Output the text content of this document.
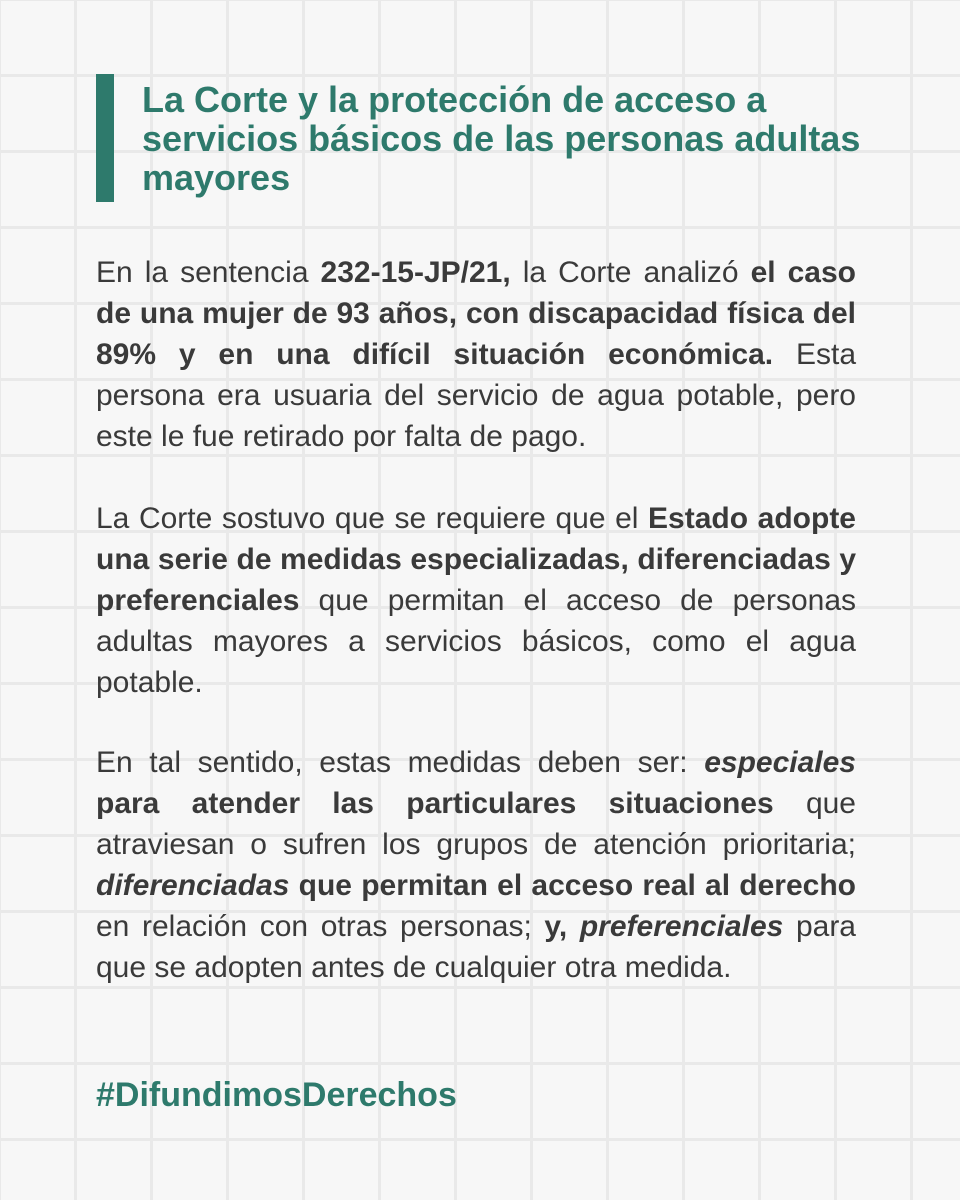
La Corte y la protección de acceso a servicios básicos de las personas adultas mayores

En la sentencia 232-15-JP/21, la Corte analizó el caso de una mujer de 93 años, con discapacidad física del 89% y en una difícil situación económica. Esta persona era usuaria del servicio de agua potable, pero este le fue retirado por falta de pago.

La Corte sostuvo que se requiere que el Estado adopte una serie de medidas especializadas, diferenciadas y preferenciales que permitan el acceso de personas adultas mayores a servicios básicos, como el agua potable.

En tal sentido, estas medidas deben ser: especiales para atender las particulares situaciones que atraviesan o sufren los grupos de atención prioritaria; diferenciadas que permitan el acceso real al derecho en relación con otras personas; y, preferenciales para que se adopten antes de cualquier otra medida.

#DifundimosDerechos
